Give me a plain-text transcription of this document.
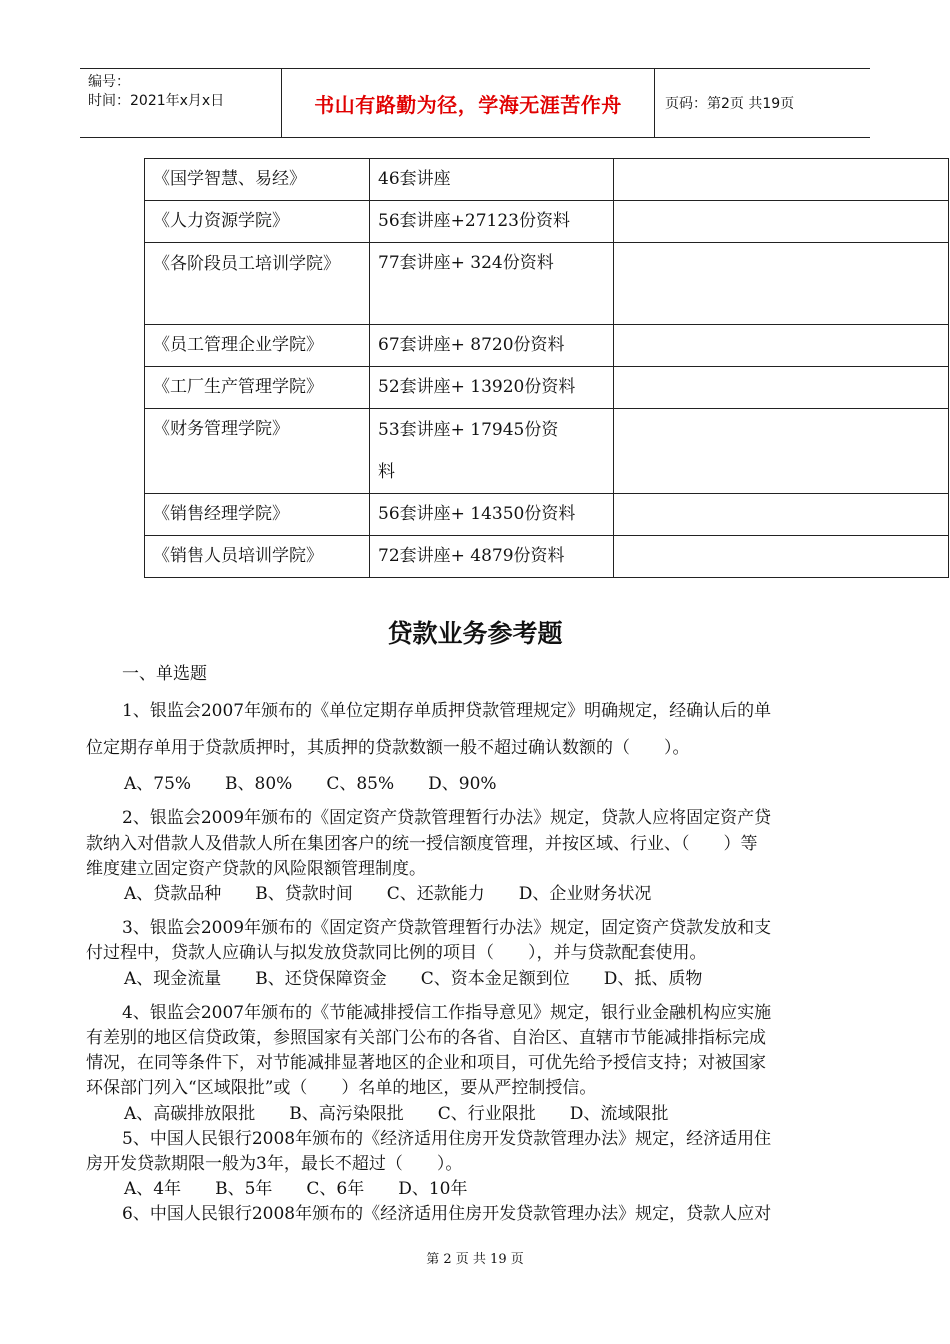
编号：
时间：2021年x月x日	书山有路勤为径，学海无涯苦作舟	页码：第2页 共19页
《国学智慧、易经》	46套讲座	
《人力资源学院》	56套讲座+27123份资料	

《各阶段员工培训学院》	77套讲座+ 324份资料	
《员工管理企业学院》	67套讲座+ 8720份资料	
《工厂生产管理学院》	52套讲座+ 13920份资料	
《财务管理学院》	53套讲座+ 17945份资料	

《销售经理学院》	56套讲座+ 14350份资料	
《销售人员培训学院》	72套讲座+ 4879份资料	
贷款业务参考题
一、单选题
1、银监会2007年颁布的《单位定期存单质押贷款管理规定》明确规定，经确认后的单
位定期存单用于贷款质押时，其质押的贷款数额一般不超过确认数额的（　　）。
A、75%　　B、80%　　C、85%　　D、90%
2、银监会2009年颁布的《固定资产贷款管理暂行办法》规定，贷款人应将固定资产贷
款纳入对借款人及借款人所在集团客户的统一授信额度管理，并按区域、行业、（　　）等
维度建立固定资产贷款的风险限额管理制度。
A、贷款品种　　B、贷款时间　　C、还款能力　　D、企业财务状况
3、银监会2009年颁布的《固定资产贷款管理暂行办法》规定，固定资产贷款发放和支
付过程中，贷款人应确认与拟发放贷款同比例的项目（　　），并与贷款配套使用。
A、现金流量　　B、还贷保障资金　　C、资本金足额到位　　D、抵、质物
4、银监会2007年颁布的《节能减排授信工作指导意见》规定，银行业金融机构应实施
有差别的地区信贷政策，参照国家有关部门公布的各省、自治区、直辖市节能减排指标完成
情况，在同等条件下，对节能减排显著地区的企业和项目，可优先给予授信支持；对被国家
环保部门列入“区域限批”或（　　）名单的地区，要从严控制授信。
A、高碳排放限批　　B、高污染限批　　C、行业限批　　D、流域限批
5、中国人民银行2008年颁布的《经济适用住房开发贷款管理办法》规定，经济适用住
房开发贷款期限一般为3年，最长不超过（　　）。
A、4年　　B、5年　　C、6年　　D、10年
6、中国人民银行2008年颁布的《经济适用住房开发贷款管理办法》规定，贷款人应对
第 2 页 共 19 页
